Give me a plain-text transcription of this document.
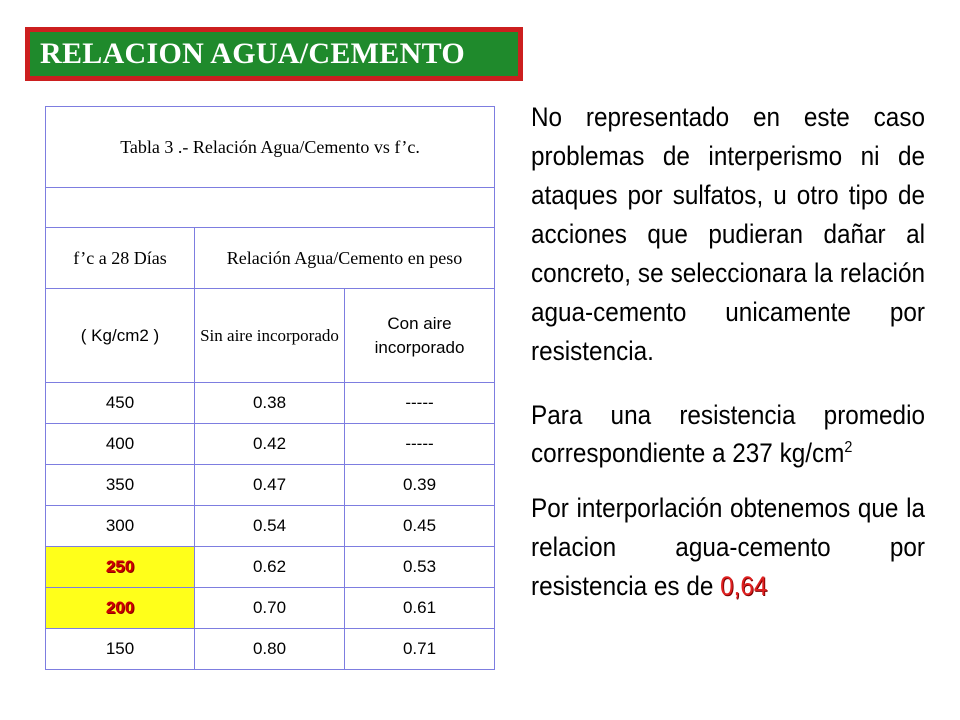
RELACION AGUA/CEMENTO
Tabla 3 .- Relación Agua/Cemento vs f’c.		

f’c a 28 Días	Relación Agua/Cemento en peso	
( Kg/cm2 )	Sin aire incorporado	Con aire incorporado
450	0.38	-----
400	0.42	-----
350	0.47	0.39
300	0.54	0.45
250	0.62	0.53
200	0.70	0.61
150	0.80	0.71
No representado en este caso problemas de interperismo ni de ataques por sulfatos, u otro tipo de acciones que pudieran dañar al concreto, se seleccionara la relación agua-cemento unicamente por resistencia.
Para una resistencia promedio correspondiente a 237 $kg/cm^2$
Por interporlación obtenemos que la relacion agua-cemento por resistencia es de 0,64
